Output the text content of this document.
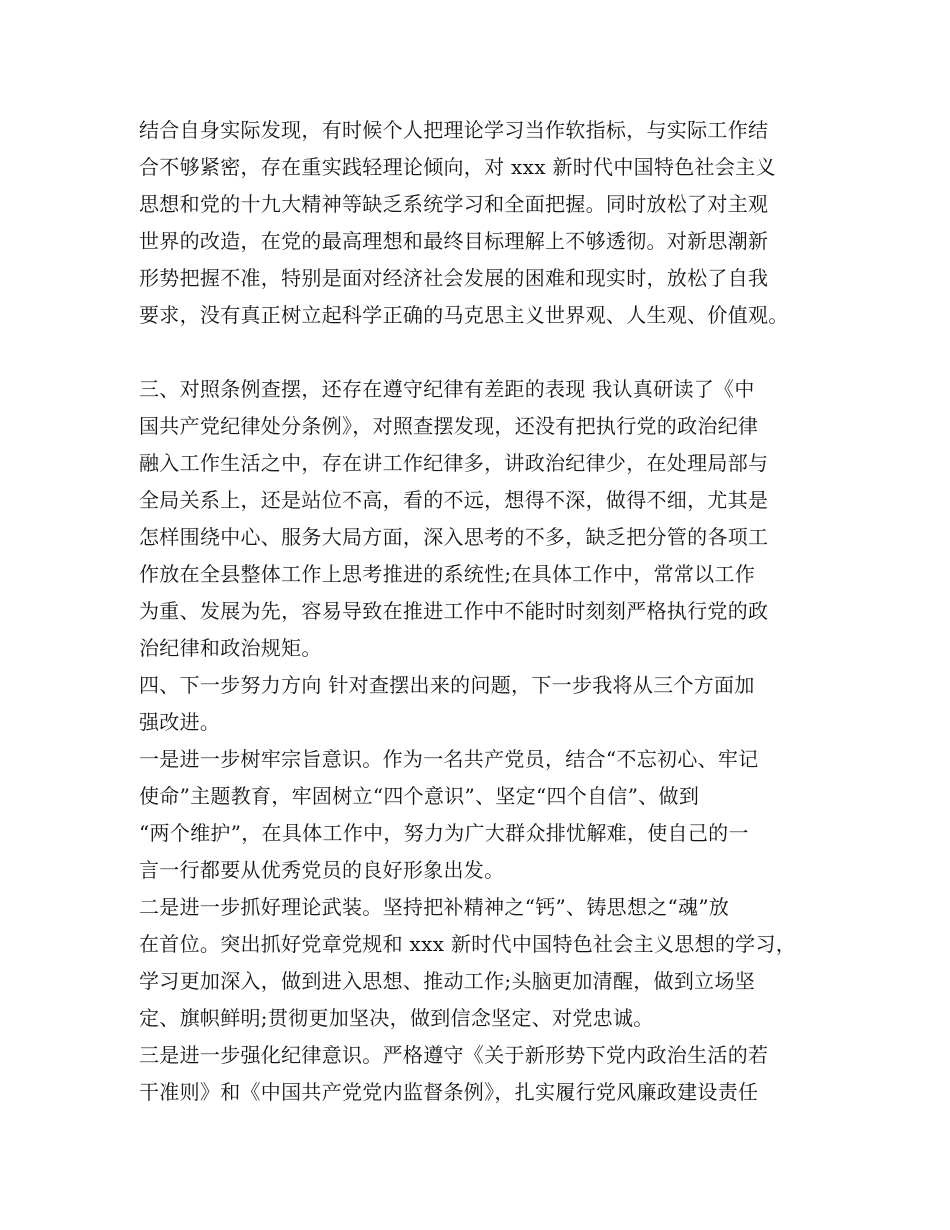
结合自身实际发现，有时候个人把理论学习当作软指标，与实际工作结
合不够紧密，存在重实践轻理论倾向，对 xxx 新时代中国特色社会主义
思想和党的十九大精神等缺乏系统学习和全面把握。同时放松了对主观
世界的改造，在党的最高理想和最终目标理解上不够透彻。对新思潮新
形势把握不准，特别是面对经济社会发展的困难和现实时，放松了自我
要求，没有真正树立起科学正确的马克思主义世界观、人生观、价值观。
三、对照条例查摆，还存在遵守纪律有差距的表现 我认真研读了《中
国共产党纪律处分条例》，对照查摆发现，还没有把执行党的政治纪律
融入工作生活之中，存在讲工作纪律多，讲政治纪律少，在处理局部与
全局关系上，还是站位不高，看的不远，想得不深，做得不细，尤其是
怎样围绕中心、服务大局方面，深入思考的不多，缺乏把分管的各项工
作放在全县整体工作上思考推进的系统性;在具体工作中，常常以工作
为重、发展为先，容易导致在推进工作中不能时时刻刻严格执行党的政
治纪律和政治规矩。
四、下一步努力方向 针对查摆出来的问题，下一步我将从三个方面加
强改进。
一是进一步树牢宗旨意识。作为一名共产党员，结合“不忘初心、牢记
使命”主题教育，牢固树立“四个意识”、坚定“四个自信”、做到
“两个维护”，在具体工作中，努力为广大群众排忧解难，使自己的一
言一行都要从优秀党员的良好形象出发。
二是进一步抓好理论武装。坚持把补精神之“钙”、铸思想之“魂”放
在首位。突出抓好党章党规和 xxx 新时代中国特色社会主义思想的学习，
学习更加深入，做到进入思想、推动工作;头脑更加清醒，做到立场坚
定、旗帜鲜明;贯彻更加坚决，做到信念坚定、对党忠诚。
三是进一步强化纪律意识。严格遵守《关于新形势下党内政治生活的若
干准则》和《中国共产党党内监督条例》，扎实履行党风廉政建设责任
